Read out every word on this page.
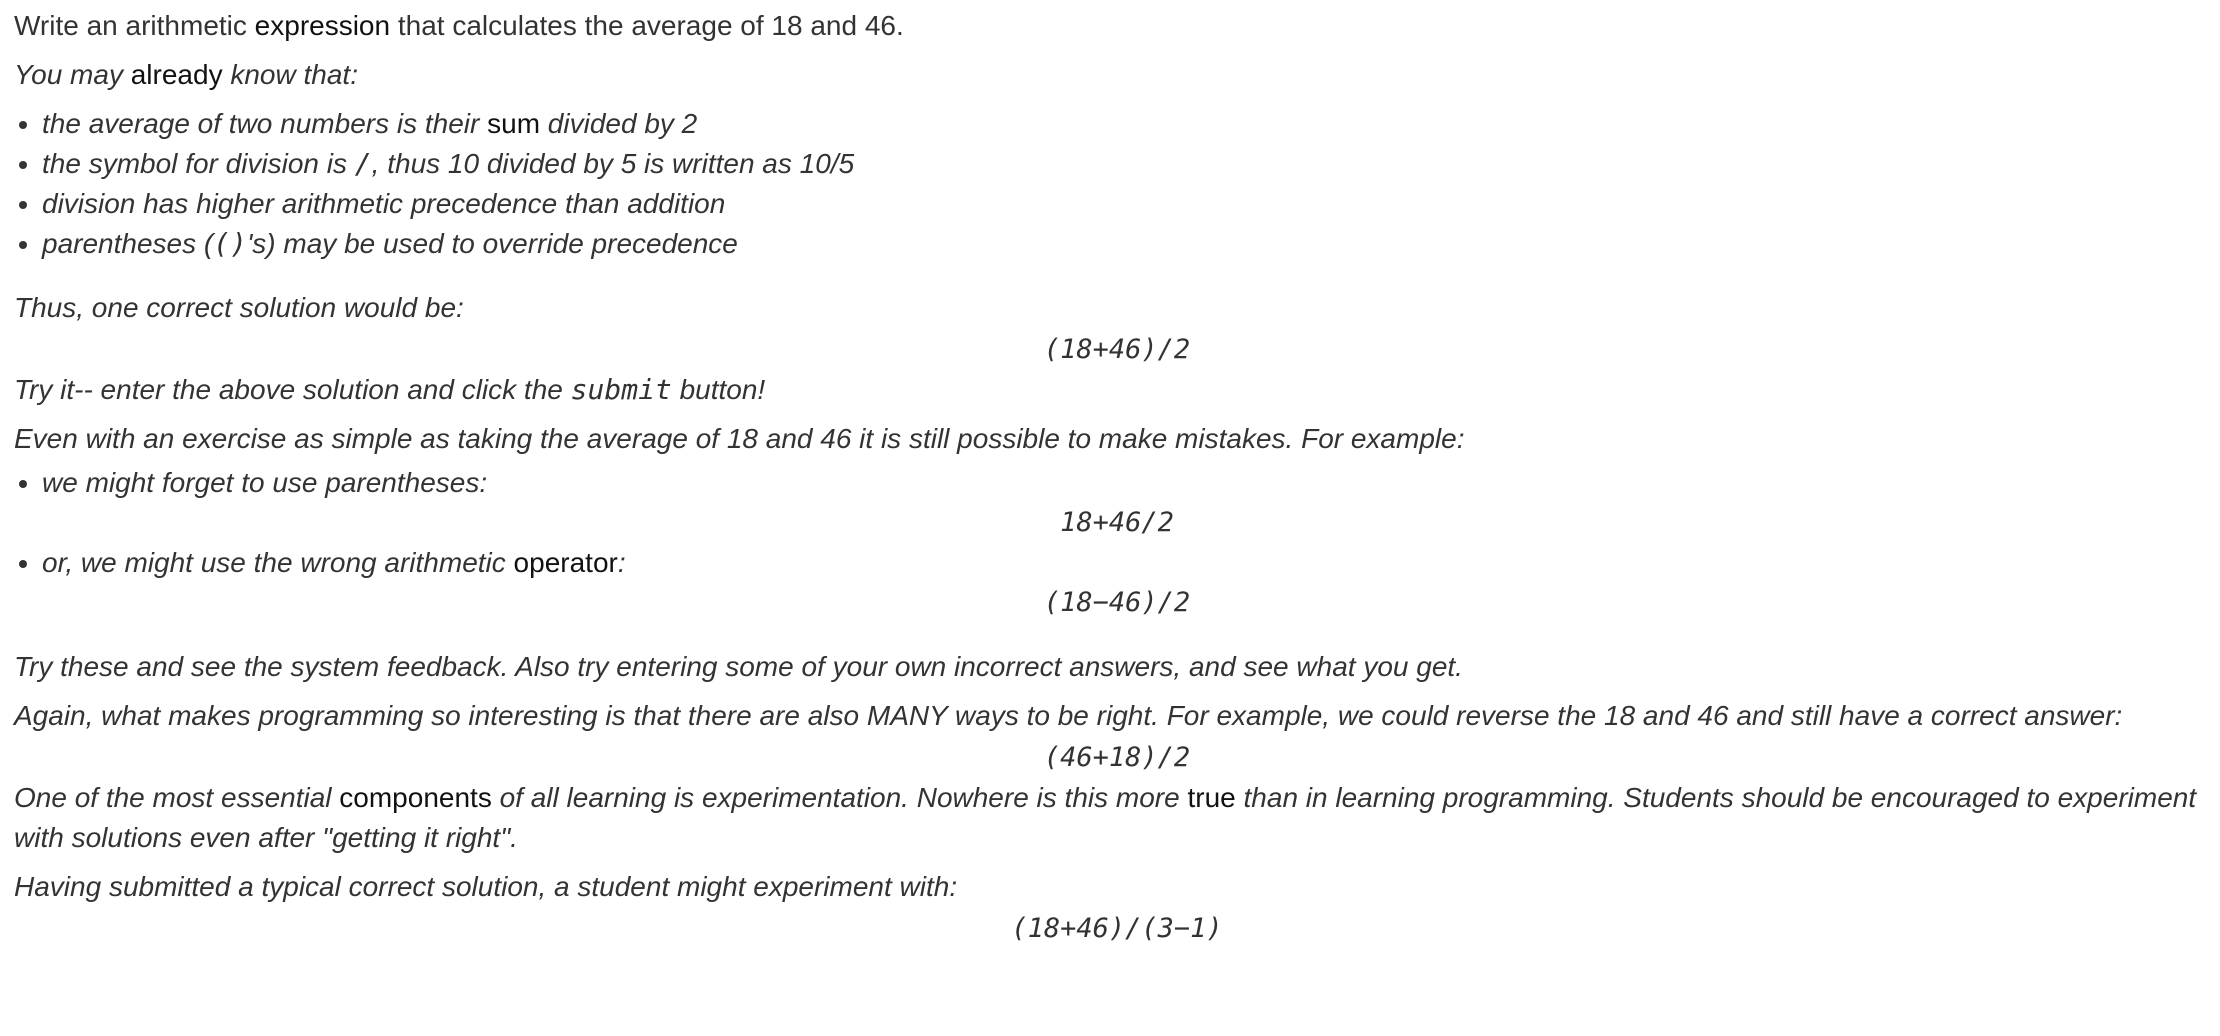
Write an arithmetic expression that calculates the average of 18 and 46.

You may already know that:

• the average of two numbers is their sum divided by 2
• the symbol for division is /, thus 10 divided by 5 is written as 10/5
• division has higher arithmetic precedence than addition
• parentheses (()'s) may be used to override precedence

Thus, one correct solution would be:

(18+46)/2

Try it-- enter the above solution and click the submit button!

Even with an exercise as simple as taking the average of 18 and 46 it is still possible to make mistakes. For example:

• we might forget to use parentheses:
18+46/2
• or, we might use the wrong arithmetic operator:
(18−46)/2

Try these and see the system feedback. Also try entering some of your own incorrect answers, and see what you get.

Again, what makes programming so interesting is that there are also MANY ways to be right. For example, we could reverse the 18 and 46 and still have a correct answer:

(46+18)/2

One of the most essential components of all learning is experimentation. Nowhere is this more true than in learning programming. Students should be encouraged to experiment with solutions even after "getting it right".

Having submitted a typical correct solution, a student might experiment with:

(18+46)/(3−1)
